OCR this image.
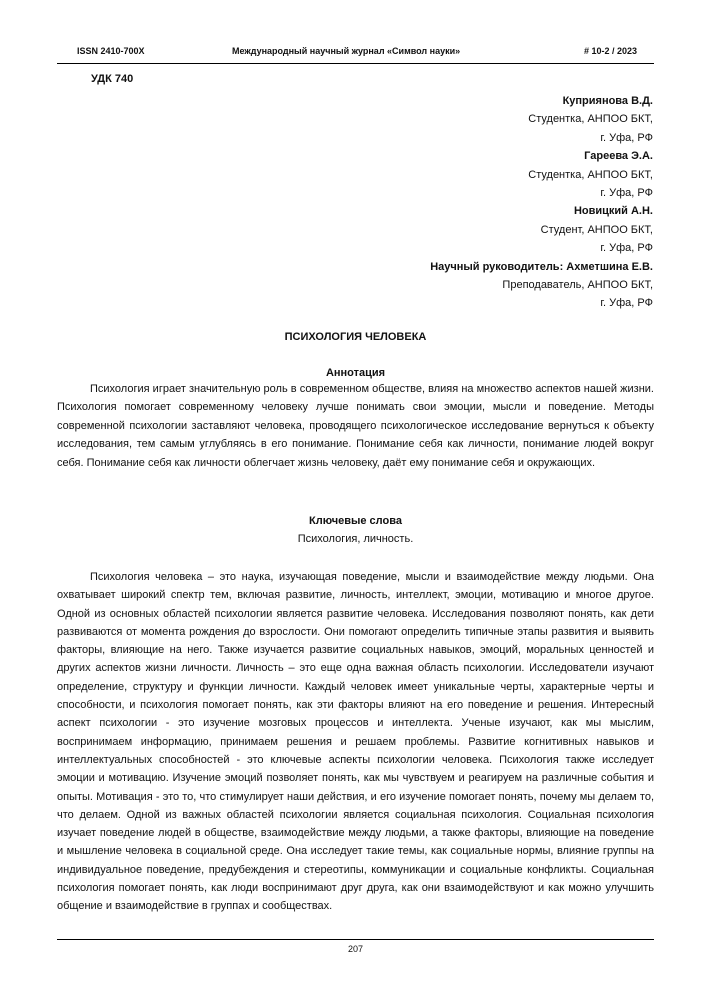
ISSN 2410-700X	Международный научный журнал «Символ науки»	# 10-2 / 2023
УДК 740
Куприянова В.Д.
Студентка, АНПОО БКТ,
г. Уфа, РФ
Гареева Э.А.
Студентка, АНПОО БКТ,
г. Уфа, РФ
Новицкий А.Н.
Студент, АНПОО БКТ,
г. Уфа, РФ
Научный руководитель: Ахметшина Е.В.
Преподаватель, АНПОО БКТ,
г. Уфа, РФ
ПСИХОЛОГИЯ ЧЕЛОВЕКА
Аннотация

Психология играет значительную роль в современном обществе, влияя на множество аспектов нашей жизни. Психология помогает современному человеку лучше понимать свои эмоции, мысли и поведение. Методы современной психологии заставляют человека, проводящего психологическое исследование вернуться к объекту исследования, тем самым углубляясь в его понимание. Понимание себя как личности, понимание людей вокруг себя. Понимание себя как личности облегчает жизнь человеку, даёт ему понимание себя и окружающих.

Ключевые слова
Психология, личность.

Психология человека – это наука, изучающая поведение, мысли и взаимодействие между людьми. Она охватывает широкий спектр тем, включая развитие, личность, интеллект, эмоции, мотивацию и многое другое. Одной из основных областей психологии является развитие человека. Исследования позволяют понять, как дети развиваются от момента рождения до взрослости. Они помогают определить типичные этапы развития и выявить факторы, влияющие на него. Также изучается развитие социальных навыков, эмоций, моральных ценностей и других аспектов жизни личности. Личность – это еще одна важная область психологии. Исследователи изучают определение, структуру и функции личности. Каждый человек имеет уникальные черты, характерные черты и способности, и психология помогает понять, как эти факторы влияют на его поведение и решения. Интересный аспект психологии - это изучение мозговых процессов и интеллекта. Ученые изучают, как мы мыслим, воспринимаем информацию, принимаем решения и решаем проблемы. Развитие когнитивных навыков и интеллектуальных способностей - это ключевые аспекты психологии человека. Психология также исследует эмоции и мотивацию. Изучение эмоций позволяет понять, как мы чувствуем и реагируем на различные события и опыты. Мотивация - это то, что стимулирует наши действия, и его изучение помогает понять, почему мы делаем то, что делаем. Одной из важных областей психологии является социальная психология. Социальная психология изучает поведение людей в обществе, взаимодействие между людьми, а также факторы, влияющие на поведение и мышление человека в социальной среде. Она исследует такие темы, как социальные нормы, влияние группы на индивидуальное поведение, предубеждения и стереотипы, коммуникации и социальные конфликты. Социальная психология помогает понять, как люди воспринимают друг друга, как они взаимодействуют и как можно улучшить общение и взаимодействие в группах и сообществах.

207
